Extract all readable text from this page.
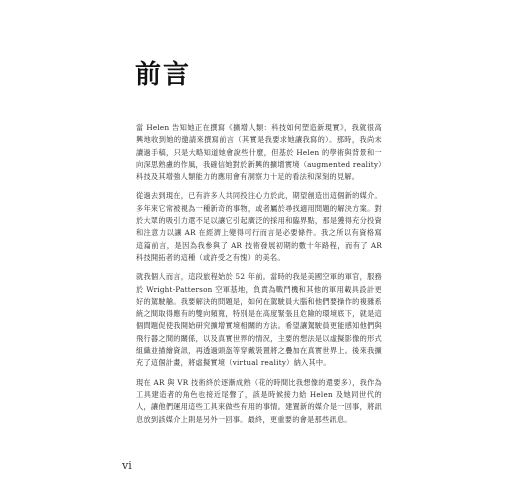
前言

當 Helen 告知她正在撰寫《擴增人類：科技如何塑造新現實》，我就很高興地收到她的邀請來撰寫前言（其實是我要求她讓我寫的）。那時，我尚未讀過手稿，只是大略知道她會說些什麼，但基於 Helen 的學術與背景和一向深思熟慮的作風，我確信她對於新興的擴增實境（augmented reality）科技及其增強人類能力的應用會有洞察力十足的看法和深刻的見解。

從過去到現在，已有許多人共同投注心力於此，期望創造出這個新的媒介。多年來它常被視為一種新奇的事物，或者屬於尋找適用問題的解決方案。對於大眾的吸引力還不足以讓它引起廣泛的採用和臨界點，那是獲得充分投資和注意力以讓 AR 在經濟上變得可行而言是必要條件。我之所以有資格寫這篇前言，是因為我參與了 AR 技術發展初期的數十年路程，而有了 AR 科技開拓者的這種（或許受之有愧）的美名。

就我個人而言，這段旅程始於 52 年前。當時的我是美國空軍的軍官，服務於 Wright-Patterson 空軍基地，負責為戰鬥機和其他的軍用載具設計更好的駕駛艙。我要解決的問題是，如何在駕駛員大腦和他們要操作的複雜系統之間取得應有的雙向頻寬，特別是在高度緊張且危險的環境底下，就是這個問題促使我開始研究擴增實境相關的方法。希望讓駕駛員更能感知他們與飛行器之間的關係，以及真實世界的情況，主要的想法是以虛擬影像的形式組織並描繪資訊，再透過頭盔等穿戴裝置將之疊加在真實世界上。後來我擴充了這個計畫，將虛擬實境（virtual reality）納入其中。

現在 AR 與 VR 技術終於逐漸成熟（花的時間比我想像的還要多），我作為工具建造者的角色也接近尾聲了，該是時候接力給 Helen 及她同世代的人，讓他們運用這些工具來做些有用的事情。建置新的媒介是一回事，將訊息放到該媒介上則是另外一回事。最終，更重要的會是那些訊息。

vi
